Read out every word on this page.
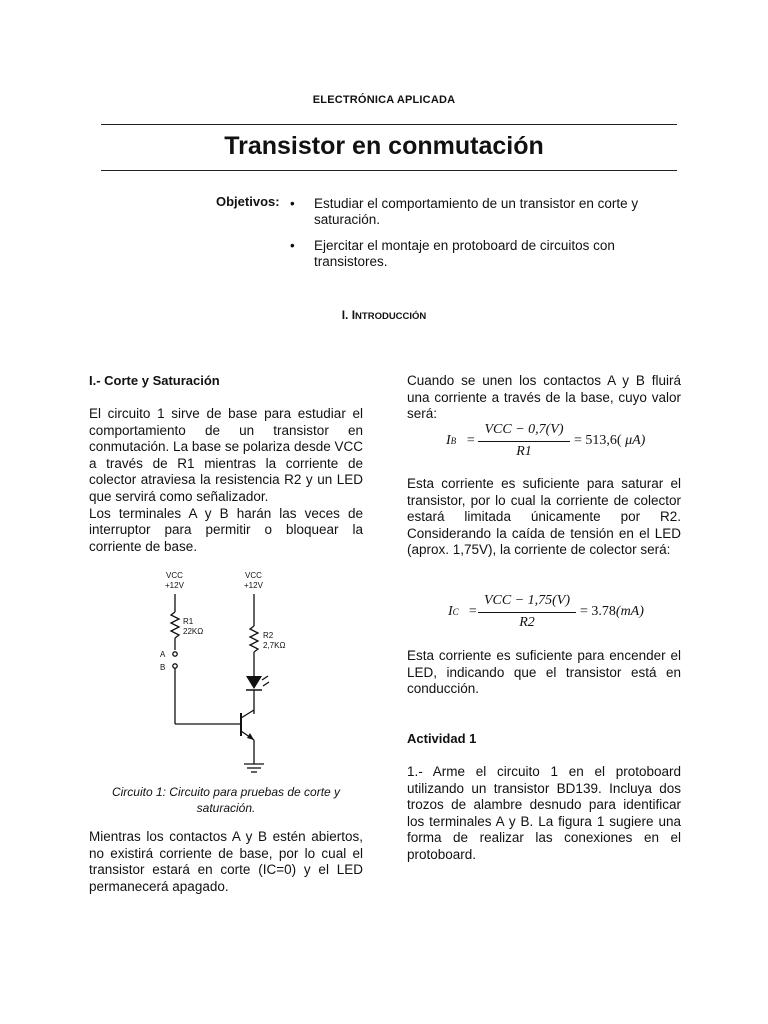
ELECTRÓNICA APLICADA
Transistor en conmutación
Objetivos: • Estudiar el comportamiento de un transistor en corte y saturación.
• Ejercitar el montaje en protoboard de circuitos con transistores.
I. INTRODUCCIÓN
I.- Corte y Saturación
El circuito 1 sirve de base para estudiar el comportamiento de un transistor en conmutación. La base se polariza desde VCC a través de R1 mientras la corriente de colector atraviesa la resistencia R2 y un LED que servirá como señalizador.
Los terminales A y B harán las veces de interruptor para permitir o bloquear la corriente de base.
VCC
+12V
VCC
+12V
R1
22KΩ	R2
2,7KΩ
A
B
Circuito 1: Circuito para pruebas de corte y saturación.
Mientras los contactos A y B estén abiertos, no existirá corriente de base, por lo cual el transistor estará en corte (IC=0) y el LED permanecerá apagado.
Cuando se unen los contactos A y B fluirá una corriente a través de la base, cuyo valor será:
IB =
VCC − 0,7(V)
R1
= 513,6( μA)
Esta corriente es suficiente para saturar el transistor, por lo cual la corriente de colector estará limitada únicamente por R2. Considerando la caída de tensión en el LED (aprox. 1,75V), la corriente de colector será:
IC =
VCC − 1,75(V)
R2
= 3.78(mA)
Esta corriente es suficiente para encender el LED, indicando que el transistor está en conducción.
Actividad 1
1.- Arme el circuito 1 en el protoboard utilizando un transistor BD139. Incluya dos trozos de alambre desnudo para identificar los terminales A y B. La figura 1 sugiere una forma de realizar las conexiones en el protoboard.
